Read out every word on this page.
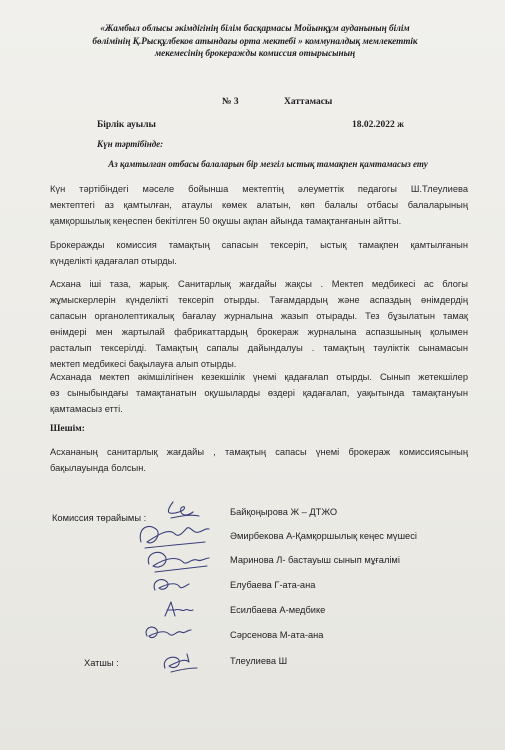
«Жамбыл облысы әкімдігінің білім басқармасы Мойынқұм ауданының білім
бөлімінің Қ.Рысқұлбеков атындағы орта мектебі » коммуналдық мемлекеттік
мекемесінің брокеражды комиссия отырысының
№ 3	Хаттамасы
Бірлік ауылы	18.02.2022 ж
Күн тәртібінде:
Аз қамтылған отбасы балаларын бір мезгіл ыстық тамақпен қамтамасыз ету
Күн тәртібіндегі мәселе бойынша мектептің әлеуметтік педагогы Ш.Тлеулиева
мектептегі аз қамтылған, атаулы көмек алатын, көп балалы отбасы балаларының
қамқоршылық кеңеспен бекітілген 50 оқушы ақпан айында тамақтанғанын айтты.
Брокеражды комиссия тамақтың сапасын тексеріп, ыстық тамақпен қамтылғанын
күнделікті қадағалап отырды.
Асхана іші таза, жарық. Санитарлық жағдайы жақсы . Мектеп медбикесі ас блогы
жұмыскерлерін күнделікті тексеріп отырды. Тағамдардың және аспаздың өнімдердің
сапасын органолептикалық бағалау журналына жазып отырады. Тез бұзылатын тамақ
өнімдері мен жартылай фабрикаттардың брокераж журналына аспазшының қолымен
расталып тексерілді. Тамақтың сапалы дайындалуы . тамақтың тәуліктік сынамасын
мектеп медбикесі бақылауға алып отырды.
Асханада мектеп әкімшілігінен кезекшілік үнемі қадағалап отырды. Сынып жетекшілер
өз сыныбындағы тамақтанатын оқушыларды өздері қадағалап, уақытында тамақтануын
қамтамасыз етті.
Шешім:
Асхананың санитарлық жағдайы , тамақтың сапасы үнемі брокераж комиссиясының
бақылауында болсын.
Комиссия төрайымы :
Хатшы :
Байқоңырова Ж – ДТЖО
Әмирбекова А-Қамқоршылық кеңес мүшесі
Маринова Л- бастауыш сынып мұғалімі
Елубаева Г-ата-ана
Есилбаева А-медбике
Сәрсенова М-ата-ана
Тлеулиева Ш
